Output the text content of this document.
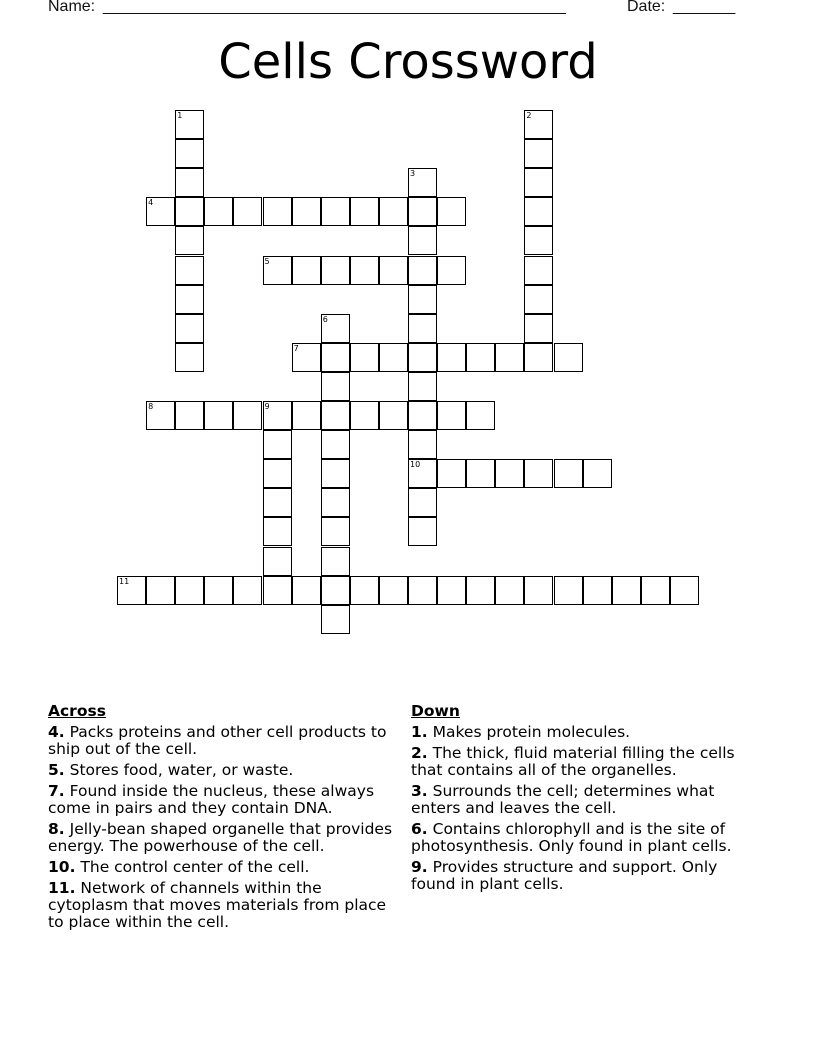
Name: ____________________________________________________	Date: _______
Cells Crossword
1	2
3
10
4
5
6
7
8	9
11
Across
4. Packs proteins and other cell products to ship out of the cell.
5. Stores food, water, or waste.
7. Found inside the nucleus, these always come in pairs and they contain DNA.
8. Jelly-bean shaped organelle that provides energy. The powerhouse of the cell.
10. The control center of the cell.
11. Network of channels within the cytoplasm that moves materials from place to place within the cell.
Down
1. Makes protein molecules.
2. The thick, fluid material filling the cells that contains all of the organelles.
3. Surrounds the cell; determines what enters and leaves the cell.
6. Contains chlorophyll and is the site of photosynthesis. Only found in plant cells.
9. Provides structure and support. Only found in plant cells.
